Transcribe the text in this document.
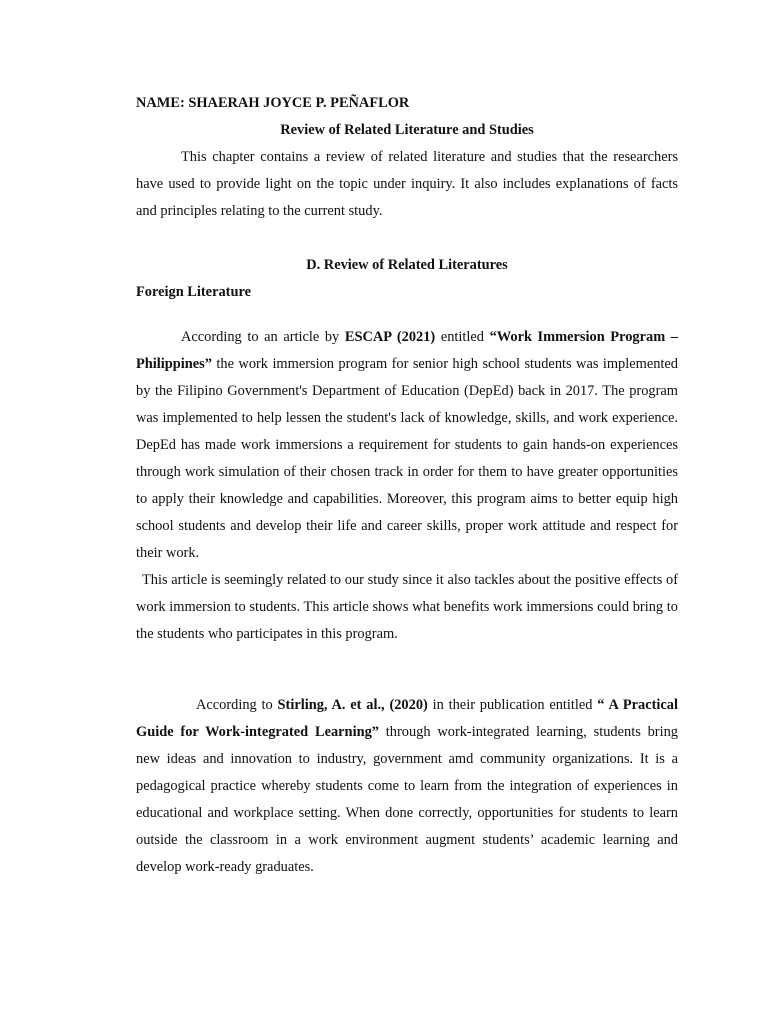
NAME: SHAERAH JOYCE P. PEÑAFLOR

Review of Related Literature and Studies

This chapter contains a review of related literature and studies that the researchers have used to provide light on the topic under inquiry. It also includes explanations of facts and principles relating to the current study.

D. Review of Related Literatures

Foreign Literature

According to an article by ESCAP (2021) entitled “Work Immersion Program – Philippines” the work immersion program for senior high school students was implemented by the Filipino Government's Department of Education (DepEd) back in 2017. The program was implemented to help lessen the student's lack of knowledge, skills, and work experience. DepEd has made work immersions a requirement for students to gain hands-on experiences through work simulation of their chosen track in order for them to have greater opportunities to apply their knowledge and capabilities. Moreover, this program aims to better equip high school students and develop their life and career skills, proper work attitude and respect for their work.

This article is seemingly related to our study since it also tackles about the positive effects of work immersion to students. This article shows what benefits work immersions could bring to the students who participates in this program.

According to Stirling, A. et al., (2020) in their publication entitled “ A Practical Guide for Work-integrated Learning” through work-integrated learning, students bring new ideas and innovation to industry, government amd community organizations. It is a pedagogical practice whereby students come to learn from the integration of experiences in educational and workplace setting. When done correctly, opportunities for students to learn outside the classroom in a work environment augment students’ academic learning and develop work-ready graduates.
